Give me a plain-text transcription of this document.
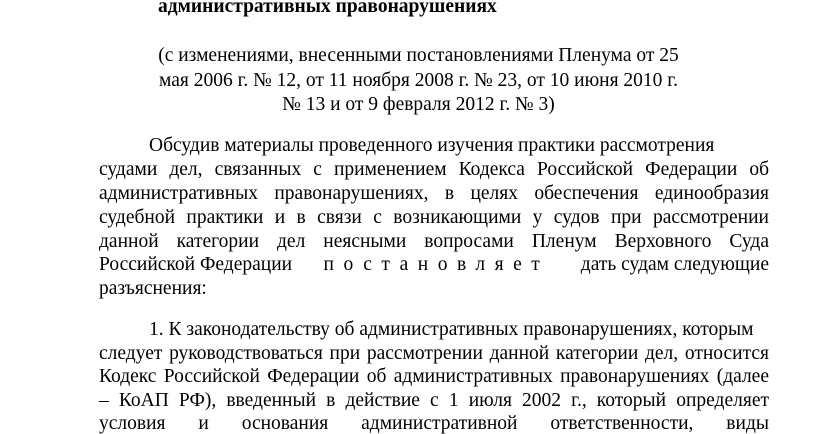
административных правонарушениях
(с изменениями, внесенными постановлениями Пленума от 25
мая 2006 г. № 12, от 11 ноября 2008 г. № 23, от 10 июня 2010 г.
№ 13 и от 9 февраля 2012 г. № 3)
Обсудив материалы проведенного изучения практики рассмотрения
судами дел, связанных с применением Кодекса Российской Федерации об
административных правонарушениях, в целях обеспечения единообразия
судебной практики и в связи с возникающими у судов при рассмотрении
данной категории дел неясными вопросами Пленум Верховного Суда
Российской Федерации постановляет дать судам следующие
разъяснения:
1. К законодательству об административных правонарушениях, которым
следует руководствоваться при рассмотрении данной категории дел, относится
Кодекс Российской Федерации об административных правонарушениях (далее
– КоАП РФ), введенный в действие с 1 июля 2002 г., который определяет
условия и основания административной ответственности, виды
